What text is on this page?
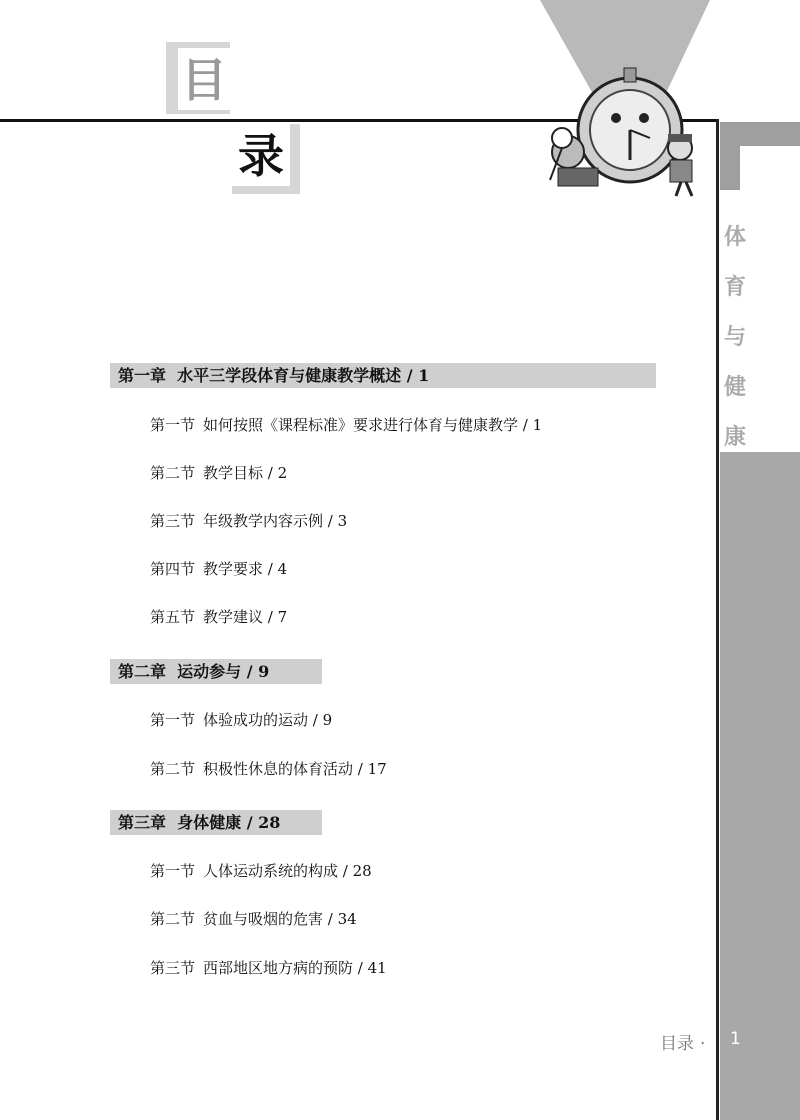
目
录
体
育
与
健
康
第一章 水平三学段体育与健康教学概述 / 1
第一节 如何按照《课程标准》要求进行体育与健康教学 / 1
第二节 教学目标 / 2
第三节 年级教学内容示例 / 3
第四节 教学要求 / 4
第五节 教学建议 / 7
第二章 运动参与 / 9
第一节 体验成功的运动 / 9
第二节 积极性休息的体育活动 / 17
第三章 身体健康 / 28
第一节 人体运动系统的构成 / 28
第二节 贫血与吸烟的危害 / 34
第三节 西部地区地方病的预防 / 41
目录 · 1
